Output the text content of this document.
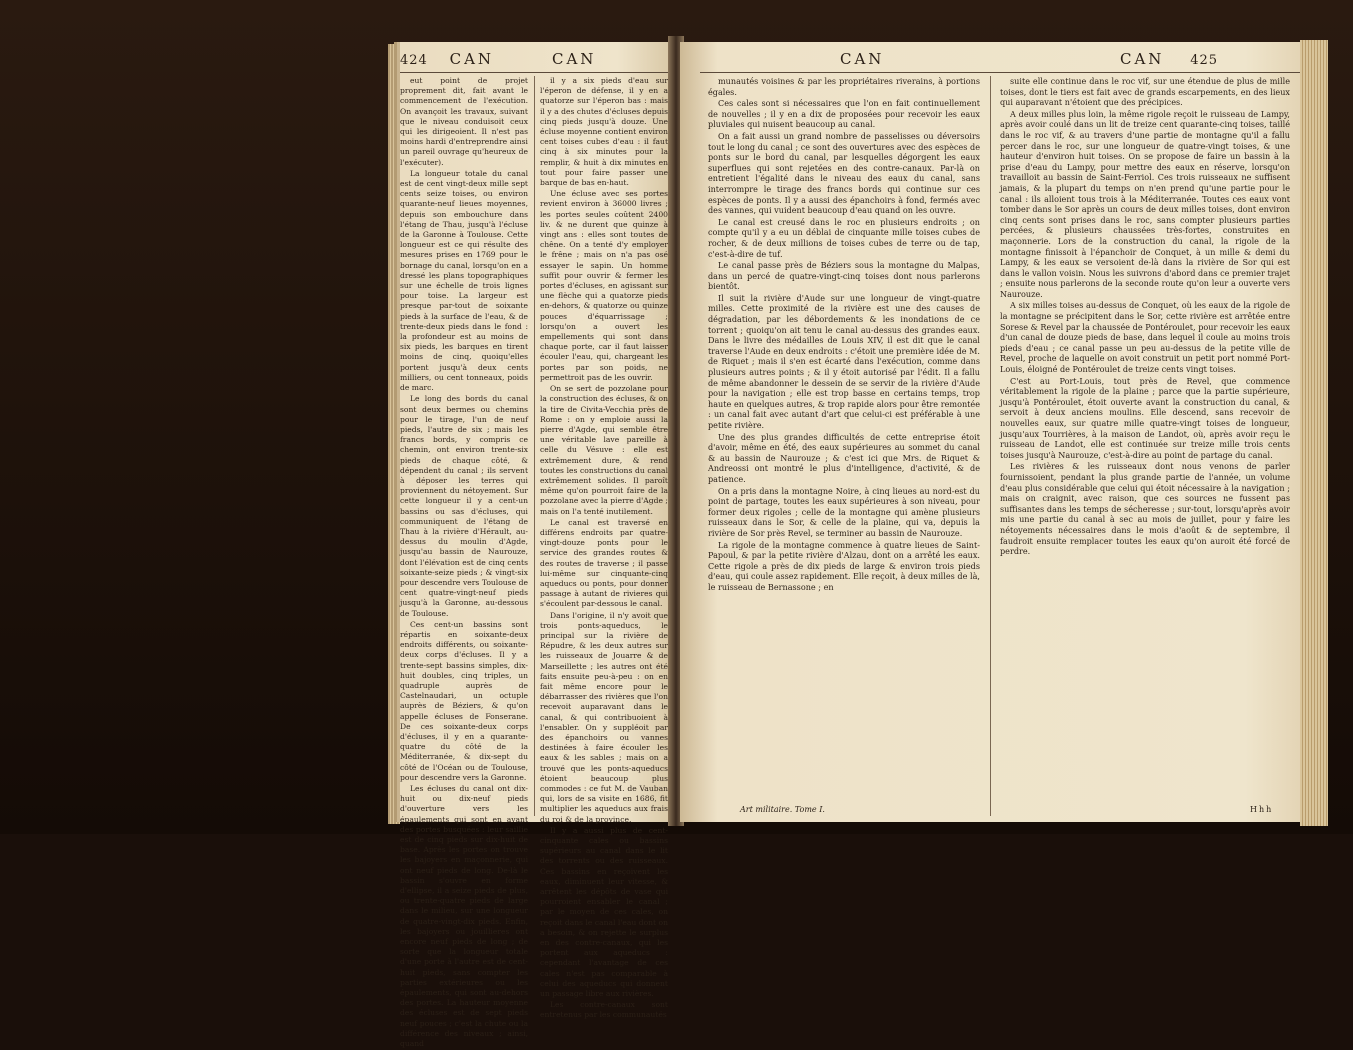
424 CAN	CAN

eut point de projet proprement dit, fait avant le commencement de l'exécution. On avançoit les travaux, suivant que le niveau conduisoit ceux qui les dirigeoient. Il n'est pas moins hardi d'entreprendre ainsi un pareil ouvrage qu'heureux de l'exécuter).

La longueur totale du canal est de cent vingt-deux mille sept cents seize toises, ou environ quarante-neuf lieues moyennes, depuis son embouchure dans l'étang de Thau, jusqu'à l'écluse de la Garonne à Toulouse. Cette longueur est ce qui résulte des mesures prises en 1769 pour le bornage du canal, lorsqu'on en a dressé les plans topographiques sur une échelle de trois lignes pour toise. La largeur est presque par-tout de soixante pieds à la surface de l'eau, & de trente-deux pieds dans le fond : la profondeur est au moins de six pieds, les barques en tirent moins de cinq, quoiqu'elles portent jusqu'à deux cents milliers, ou cent tonneaux, poids de marc.

Le long des bords du canal sont deux bermes ou chemins pour le tirage, l'un de neuf pieds, l'autre de six ; mais les francs bords, y compris ce chemin, ont environ trente-six pieds de chaque côté, & dépendent du canal ; ils servent à déposer les terres qui proviennent du nétoyement. Sur cette longueur il y a cent-un bassins ou sas d'écluses, qui communiquent de l'étang de Thau à la rivière d'Hérault, au-dessus du moulin d'Agde, jusqu'au bassin de Naurouze, dont l'élévation est de cinq cents soixante-seize pieds ; & vingt-six pour descendre vers Toulouse de cent quatre-vingt-neuf pieds jusqu'à la Garonne, au-dessous de Toulouse.

Ces cent-un bassins sont répartis en soixante-deux endroits différents, ou soixante-deux corps d'écluses. Il y a trente-sept bassins simples, dix-huit doubles, cinq triples, un quadruple auprès de Castelnaudari, un octuple auprès de Béziers, & qu'on appelle écluses de Fonserane. De ces soixante-deux corps d'écluses, il y en a quarante-quatre du côté de la Méditerranée, & dix-sept du côté de l'Océan ou de Toulouse, pour descendre vers la Garonne.

Les écluses du canal ont dix-huit ou dix-neuf pieds d'ouverture vers les épaulements qui sont en avant des portes busquées : leur saillie est de cinq pieds sur dix-huit de base. Après les portes on trouve les bajoyers en maçonnerie, qui ont neuf pieds de long. De-là le bassin s'ouvre en forme d'ellipse, il a seize pieds de plus, ou trente-quatre pieds de large dans le milieu, sur une longueur de quatre-vingt-dix pieds. Enfin, les bajoyers ou jouillieres ont encore neuf pieds de long ; de sorte que la longueur totale d'une porte à l'autre est de cent-huit pieds, sans compter les parties extérieures ou les épaulements, qui sont au-dehors des portes. La hauteur moyenne des écluses est de sept pieds neuf pouces ; c'est la chute ou la différence des niveaux ; ainsi, quand

il y a six pieds d'eau sur l'éperon de défense, il y en a quatorze sur l'éperon bas : mais il y a des chutes d'écluses depuis cinq pieds jusqu'à douze. Une écluse moyenne contient environ cent toises cubes d'eau : il faut cinq à six minutes pour la remplir, & huit à dix minutes en tout pour faire passer une barque de bas en-haut.

Une écluse avec ses portes revient environ à 36000 livres ; les portes seules coûtent 2400 liv. & ne durent que quinze à vingt ans : elles sont toutes de chêne. On a tenté d'y employer le frêne ; mais on n'a pas osé essayer le sapin. Un homme suffit pour ouvrir & fermer les portes d'écluses, en agissant sur une flèche qui a quatorze pieds en-dehors, & quatorze ou quinze pouces d'équarrissage ; lorsqu'on a ouvert les empellements qui sont dans chaque porte, car il faut laisser écouler l'eau, qui, chargeant les portes par son poids, ne permettroit pas de les ouvrir.

On se sert de pozzolane pour la construction des écluses, & on la tire de Civita-Vecchia près de Rome : on y emploie aussi la pierre d'Agde, qui semble être une véritable lave pareille à celle du Vésuve : elle est extrêmement dure, & rend toutes les constructions du canal extrêmement solides. Il paroît même qu'on pourroit faire de la pozzolane avec la pierre d'Agde ; mais on l'a tenté inutilement.

Le canal est traversé en différens endroits par quatre-vingt-douze ponts pour le service des grandes routes & des routes de traverse ; il passe lui-même sur cinquante-cinq aqueducs ou ponts, pour donner passage à autant de rivieres qui s'écoulent par-dessous le canal.

Dans l'origine, il n'y avoit que trois ponts-aqueducs, le principal sur la rivière de Répudre, & les deux autres sur les ruisseaux de Jouarre & de Marseillette ; les autres ont été faits ensuite peu-à-peu : on en fait même encore pour le débarrasser des rivières que l'on recevoit auparavant dans le canal, & qui contribuoient à l'ensabler. On y suppléoit par des épanchoirs ou vannes destinées à faire écouler les eaux & les sables ; mais on a trouvé que les ponts-aqueducs étoient beaucoup plus commodes : ce fut M. de Vauban qui, lors de sa visite en 1686, fit multiplier les aqueducs aux frais du roi & de la province.

Il y a aussi plus de cent-cinquante cales ou bassins supérieurs au canal dans le lit des torrents ou des ruisseaux. Ces bassins en reçoivent les eaux, diminuent leur vitesse, & arrêtent les dépôts de vase qui pourroient ensabler le canal ; par le moyen de ces cales, on reçoit dans le canal l'eau dont on a besoin, & on rejette le surplus en des contre-canaux, qui les portent aux aqueducs : cependant l'avantage de ces cales n'est pas comparable à celui des aqueducs qui donnent un passage libre aux rivières.

Les contre-canaux sont entretenus par les communautés

CAN	CAN 425

munautés voisines & par les propriétaires riverains, à portions égales.

Ces cales sont si nécessaires que l'on en fait continuellement de nouvelles ; il y en a dix de proposées pour recevoir les eaux pluviales qui nuisent beaucoup au canal.

On a fait aussi un grand nombre de passelisses ou déversoirs tout le long du canal ; ce sont des ouvertures avec des espèces de ponts sur le bord du canal, par lesquelles dégorgent les eaux superflues qui sont rejetées en des contre-canaux. Par-là on entretient l'égalité dans le niveau des eaux du canal, sans interrompre le tirage des francs bords qui continue sur ces espèces de ponts. Il y a aussi des épanchoirs à fond, fermés avec des vannes, qui vuident beaucoup d'eau quand on les ouvre.

Le canal est creusé dans le roc en plusieurs endroits ; on compte qu'il y a eu un déblai de cinquante mille toises cubes de rocher, & de deux millions de toises cubes de terre ou de tap, c'est-à-dire de tuf.

Le canal passe près de Béziers sous la montagne du Malpas, dans un percé de quatre-vingt-cinq toises dont nous parlerons bientôt.

Il suit la rivière d'Aude sur une longueur de vingt-quatre milles. Cette proximité de la rivière est une des causes de dégradation, par les débordements & les inondations de ce torrent ; quoiqu'on ait tenu le canal au-dessus des grandes eaux. Dans le livre des médailles de Louis XIV, il est dit que le canal traverse l'Aude en deux endroits : c'étoit une première idée de M. de Riquet ; mais il s'en est écarté dans l'exécution, comme dans plusieurs autres points ; & il y étoit autorisé par l'édit. Il a fallu de même abandonner le dessein de se servir de la rivière d'Aude pour la navigation ; elle est trop basse en certains temps, trop haute en quelques autres, & trop rapide alors pour être remontée : un canal fait avec autant d'art que celui-ci est préférable à une petite rivière.

Une des plus grandes difficultés de cette entreprise étoit d'avoir, même en été, des eaux supérieures au sommet du canal & au bassin de Naurouze ; & c'est ici que Mrs. de Riquet & Andreossi ont montré le plus d'intelligence, d'activité, & de patience.

On a pris dans la montagne Noire, à cinq lieues au nord-est du point de partage, toutes les eaux supérieures à son niveau, pour former deux rigoles ; celle de la montagne qui amène plusieurs ruisseaux dans le Sor, & celle de la plaine, qui va, depuis la rivière de Sor près Revel, se terminer au bassin de Naurouze.

La rigole de la montagne commence à quatre lieues de Saint-Papoul, & par la petite rivière d'Alzau, dont on a arrêté les eaux. Cette rigole a près de dix pieds de large & environ trois pieds d'eau, qui coule assez rapidement. Elle reçoit, à deux milles de là, le ruisseau de Bernassone ; en

suite elle continue dans le roc vif, sur une étendue de plus de mille toises, dont le tiers est fait avec de grands escarpements, en des lieux qui auparavant n'étoient que des précipices.

A deux milles plus loin, la même rigole reçoit le ruisseau de Lampy, après avoir coulé dans un lit de treize cent quarante-cinq toises, taillé dans le roc vif, & au travers d'une partie de montagne qu'il a fallu percer dans le roc, sur une longueur de quatre-vingt toises, & une hauteur d'environ huit toises. On se propose de faire un bassin à la prise d'eau du Lampy, pour mettre des eaux en réserve, lorsqu'on travailloit au bassin de Saint-Ferriol. Ces trois ruisseaux ne suffisent jamais, & la plupart du temps on n'en prend qu'une partie pour le canal : ils alloient tous trois à la Méditerranée. Toutes ces eaux vont tomber dans le Sor après un cours de deux milles toises, dont environ cinq cents sont prises dans le roc, sans compter plusieurs parties percées, & plusieurs chaussées très-fortes, construites en maçonnerie. Lors de la construction du canal, la rigole de la montagne finissoit à l'épanchoir de Conquet, à un mille & demi du Lampy, & les eaux se versoient de-là dans la rivière de Sor qui est dans le vallon voisin. Nous les suivrons d'abord dans ce premier trajet ; ensuite nous parlerons de la seconde route qu'on leur a ouverte vers Naurouze.

A six milles toises au-dessus de Conquet, où les eaux de la rigole de la montagne se précipitent dans le Sor, cette rivière est arrêtée entre Sorese & Revel par la chaussée de Pontéroulet, pour recevoir les eaux d'un canal de douze pieds de base, dans lequel il coule au moins trois pieds d'eau ; ce canal passe un peu au-dessus de la petite ville de Revel, proche de laquelle on avoit construit un petit port nommé Port-Louis, éloigné de Pontéroulet de treize cents vingt toises.

C'est au Port-Louis, tout près de Revel, que commence véritablement la rigole de la plaine ; parce que la partie supérieure, jusqu'à Pontéroulet, étoit ouverte avant la construction du canal, & servoit à deux anciens moulins. Elle descend, sans recevoir de nouvelles eaux, sur quatre mille quatre-vingt toises de longueur, jusqu'aux Tourrières, à la maison de Landot, où, après avoir reçu le ruisseau de Landot, elle est continuée sur treize mille trois cents toises jusqu'à Naurouze, c'est-à-dire au point de partage du canal.

Les rivières & les ruisseaux dont nous venons de parler fournissoient, pendant la plus grande partie de l'année, un volume d'eau plus considérable que celui qui étoit nécessaire à la navigation ; mais on craignit, avec raison, que ces sources ne fussent pas suffisantes dans les temps de sécheresse ; sur-tout, lorsqu'après avoir mis une partie du canal à sec au mois de juillet, pour y faire les nétoyements nécessaires dans le mois d'août & de septembre, il faudroit ensuite remplacer toutes les eaux qu'on auroit été forcé de perdre.

Art militaire. Tome I.	Hhh
